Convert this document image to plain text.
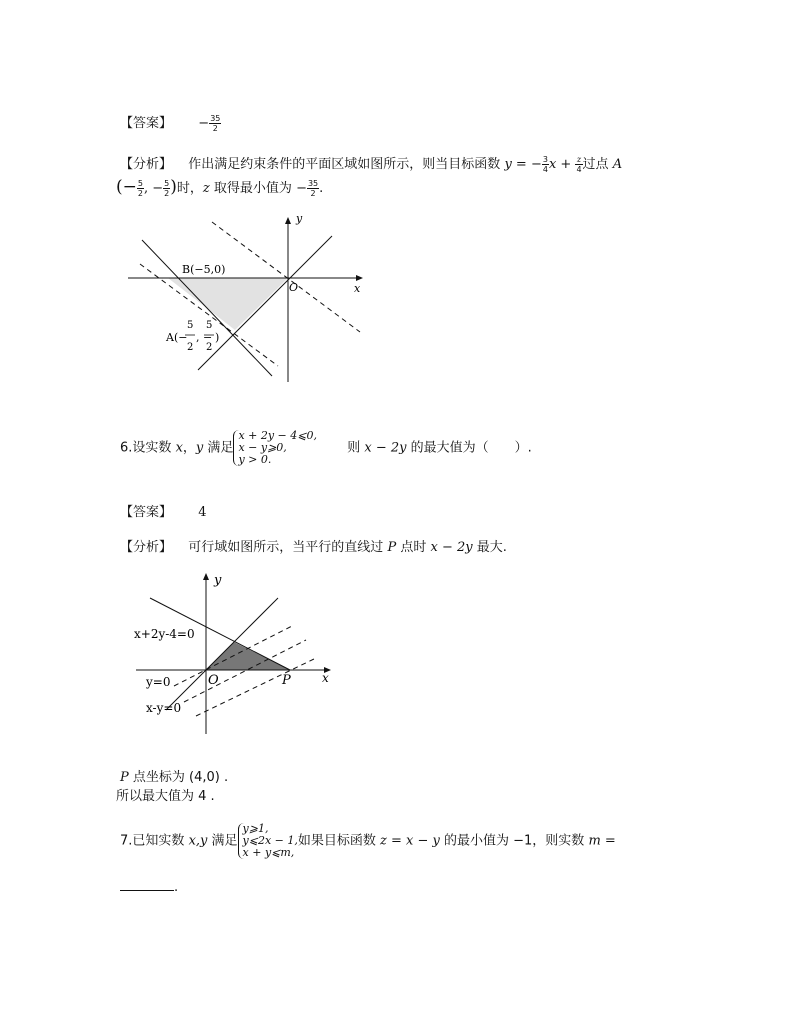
【答案】 − $\frac{35}{2}$
【分析】 作出满足约束条件的平面区域如图所示，则当目标函数 y = − $\frac{3}{4}$ $x + \frac{z}{4}$ 过点 A
(− $\frac{5}{2}$ , − $\frac{5}{2}$ )时，z 取得最小值为 − $\frac{35}{2}$ .
y
x
O
B(−5,0)
A(−
5
2
, −
5
2
)
6.设实数 x，y 满足
x + 2y − 4⩽0,
x − y⩾0,
y > 0.
则 x − 2y 的最大值为（　　）.
【答案】 4
【分析】 可行域如图所示，当平行的直线过 P 点时 x − 2y 最大.
y
x
O	P
x+2y-4=0
y=0
x-y=0
P 点坐标为 (4,0) .
所以最大值为 4 .
7.已知实数 x,y 满足
y⩾1,
y⩽2x − 1,
x + y⩽m,
如果目标函数 z = x − y 的最小值为 −1，则实数 m =
.
